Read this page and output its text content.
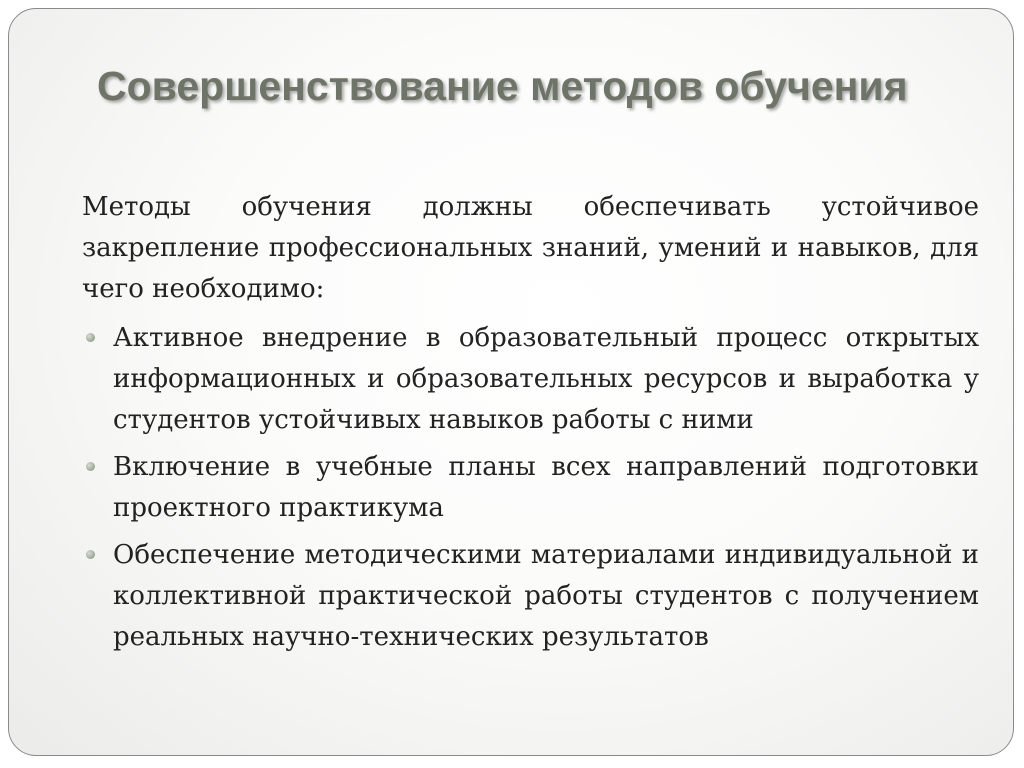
Совершенствование методов обучения

Методы обучения должны обеспечивать устойчивое закрепление профессиональных знаний, умений и навыков, для чего необходимо:

Активное внедрение в образовательный процесс открытых информационных и образовательных ресурсов и выработка у студентов устойчивых навыков работы с ними
Включение в учебные планы всех направлений подготовки проектного практикума
Обеспечение методическими материалами индивидуальной и коллективной практической работы студентов с получением реальных научно-технических результатов
